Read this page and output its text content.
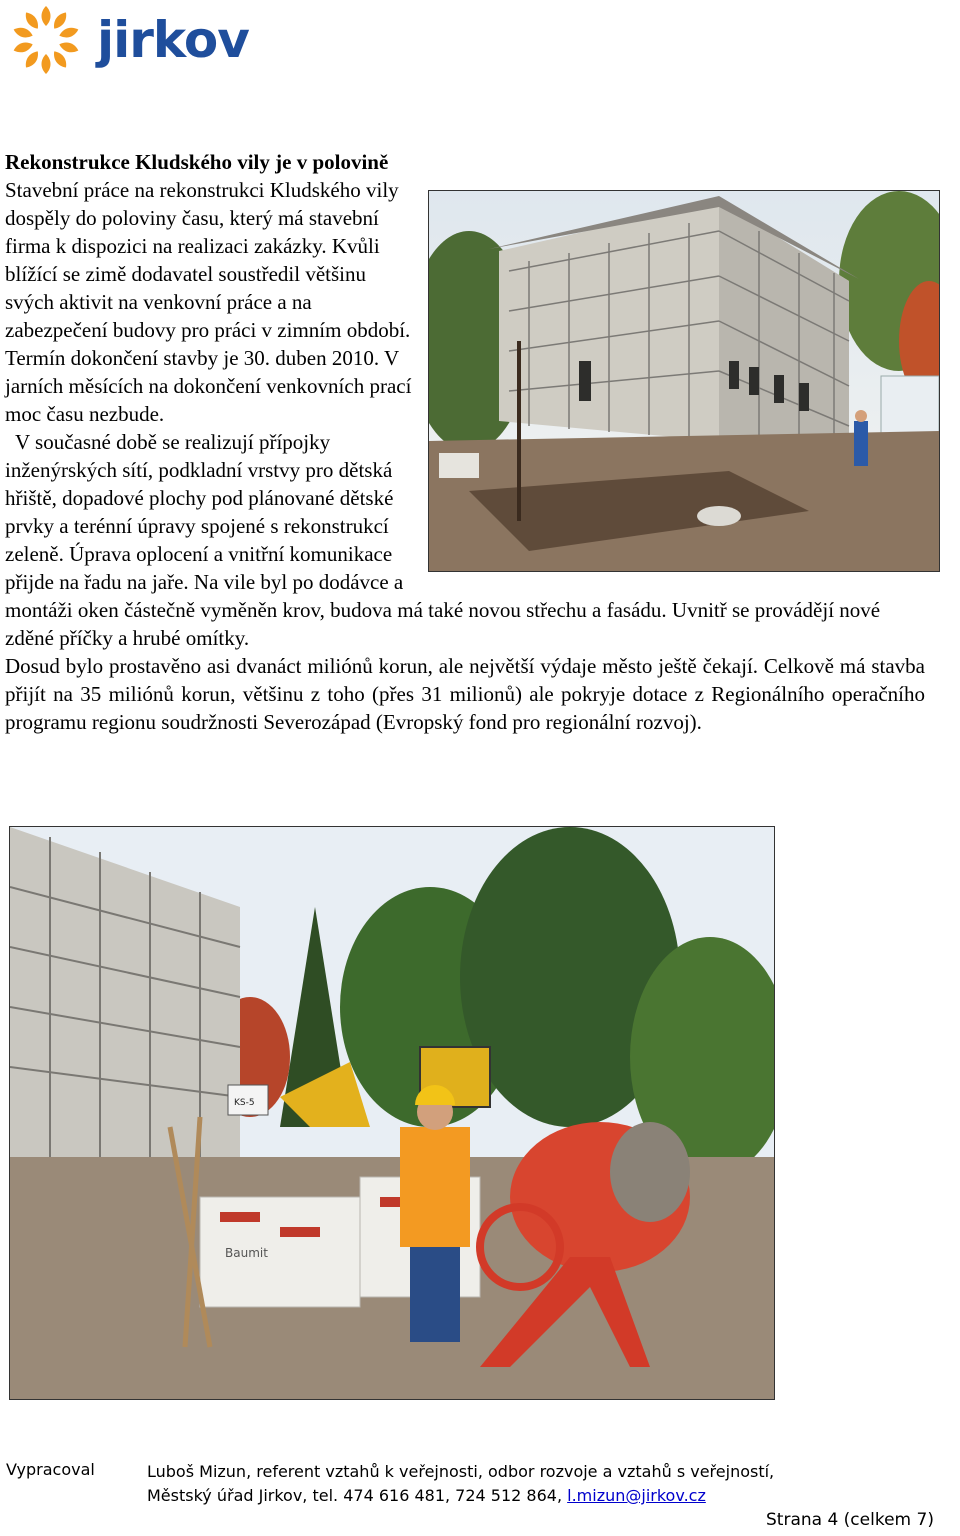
jirkov

Rekonstrukce Kludského vily je v polovině

Stavební práce na rekonstrukci Kludského vily dospěly do poloviny času, který má stavební firma k dispozici na realizaci zakázky. Kvůli blížící se zimě dodavatel soustředil většinu svých aktivit na venkovní práce a na zabezpečení budovy pro práci v zimním období. Termín dokončení stavby je 30. duben 2010. V jarních měsících na dokončení venkovních prací moc času nezbude.

V současné době se realizují přípojky inženýrských sítí, podkladní vrstvy pro dětská hřiště, dopadové plochy pod plánované dětské prvky a terénní úpravy spojené s rekonstrukcí zeleně. Úprava oplocení a vnitřní komunikace přijde na řadu na jaře. Na vile byl po dodávce a montáži oken částečně vyměněn krov, budova má také novou střechu a fasádu. Uvnitř se provádějí nové zděné příčky a hrubé omítky.

Dosud bylo prostavěno asi dvanáct miliónů korun, ale největší výdaje město ještě čekají. Celkově má stavba přijít na 35 miliónů korun, většinu z toho (přes 31 milionů) ale pokryje dotace z Regionálního operačního programu regionu soudržnosti Severozápad (Evropský fond pro regionální rozvoj).

KS-5
Baumit
Vypracoval	Luboš Mizun, referent vztahů k veřejnosti, odbor rozvoje a vztahů s veřejností,
Městský úřad Jirkov, tel. 474 616 481, 724 512 864, l.mizun@jirkov.cz
Strana 4 (celkem 7)
